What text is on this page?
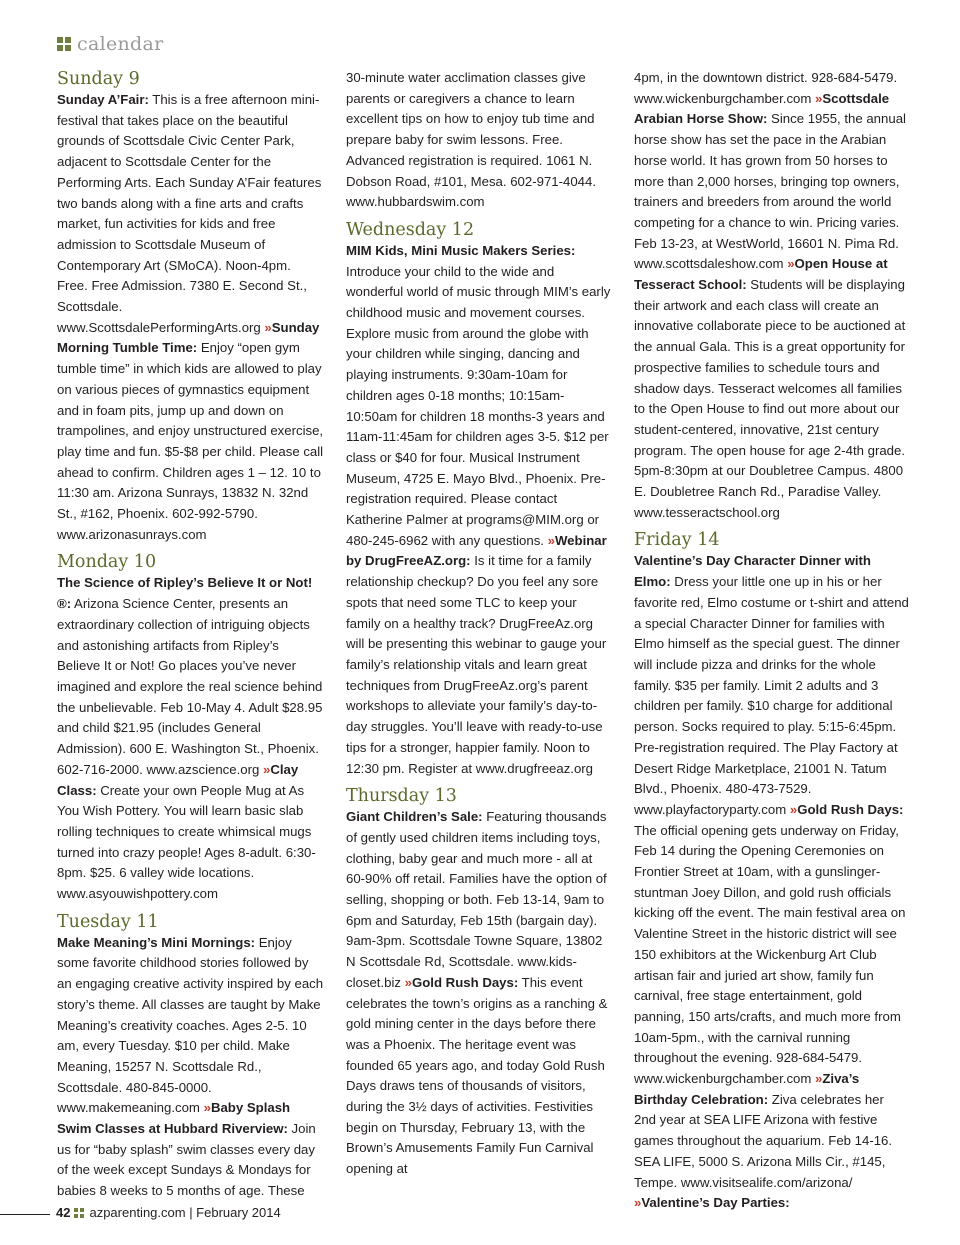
calendar
Sunday 9

Sunday A’Fair: This is a free afternoon mini-festival that takes place on the beautiful grounds of Scottsdale Civic Center Park, adjacent to Scottsdale Center for the Performing Arts. Each Sunday A’Fair features two bands along with a fine arts and crafts market, fun activities for kids and free admission to Scottsdale Museum of Contemporary Art (SMoCA). Noon-4pm. Free. Free Admission. 7380 E. Second St., Scottsdale. www.ScottsdalePerformingArts.org »Sunday Morning Tumble Time: Enjoy “open gym tumble time” in which kids are allowed to play on various pieces of gymnastics equipment and in foam pits, jump up and down on trampolines, and enjoy unstructured exercise, play time and fun. $5-$8 per child. Please call ahead to confirm. Children ages 1 – 12. 10 to 11:30 am. Arizona Sunrays, 13832 N. 32nd St., #162, Phoenix. 602-992-5790. www.arizonasunrays.com

Monday 10

The Science of Ripley’s Believe It or Not!®: Arizona Science Center, presents an extraordinary collection of intriguing objects and astonishing artifacts from Ripley’s Believe It or Not! Go places you’ve never imagined and explore the real science behind the unbelievable. Feb 10-May 4. Adult $28.95 and child $21.95 (includes General Admission). 600 E. Washington St., Phoenix. 602-716-2000. www.azscience.org »Clay Class: Create your own People Mug at As You Wish Pottery. You will learn basic slab rolling techniques to create whimsical mugs turned into crazy people! Ages 8-adult. 6:30- 8pm. $25. 6 valley wide locations. www.asyouwishpottery.com

Tuesday 11

Make Meaning’s Mini Mornings: Enjoy some favorite childhood stories followed by an engaging creative activity inspired by each story’s theme. All classes are taught by Make Meaning’s creativity coaches. Ages 2-5. 10 am, every Tuesday. $10 per child. Make Meaning, 15257 N. Scottsdale Rd., Scottsdale. 480-845-0000. www.makemeaning.com »Baby Splash Swim Classes at Hubbard Riverview: Join us for “baby splash” swim classes every day of the week except Sundays & Mondays for babies 8 weeks to 5 months of age. These

30-minute water acclimation classes give parents or caregivers a chance to learn excellent tips on how to enjoy tub time and prepare baby for swim lessons. Free. Advanced registration is required. 1061 N. Dobson Road, #101, Mesa. 602-971-4044. www.hubbardswim.com

Wednesday 12

MIM Kids, Mini Music Makers Series: Introduce your child to the wide and wonderful world of music through MIM’s early childhood music and movement courses. Explore music from around the globe with your children while singing, dancing and playing instruments. 9:30am-10am for children ages 0-18 months; 10:15am-10:50am for children 18 months-3 years and 11am-11:45am for children ages 3-5. $12 per class or $40 for four. Musical Instrument Museum, 4725 E. Mayo Blvd., Phoenix. Pre-registration required. Please contact Katherine Palmer at programs@MIM.org or 480-245-6962 with any questions. »Webinar by DrugFreeAZ.org: Is it time for a family relationship checkup? Do you feel any sore spots that need some TLC to keep your family on a healthy track? DrugFreeAz.org will be presenting this webinar to gauge your family’s relationship vitals and learn great techniques from DrugFreeAz.org’s parent workshops to alleviate your family’s day-to-day struggles. You’ll leave with ready-to-use tips for a stronger, happier family. Noon to 12:30 pm. Register at www.drugfreeaz.org

Thursday 13

Giant Children’s Sale: Featuring thousands of gently used children items including toys, clothing, baby gear and much more - all at 60-90% off retail. Families have the option of selling, shopping or both. Feb 13-14, 9am to 6pm and Saturday, Feb 15th (bargain day). 9am-3pm. Scottsdale Towne Square, 13802 N Scottsdale Rd, Scottsdale. www.kids-closet.biz »Gold Rush Days: This event celebrates the town’s origins as a ranching & gold mining center in the days before there was a Phoenix. The heritage event was founded 65 years ago, and today Gold Rush Days draws tens of thousands of visitors, during the 3½ days of activities. Festivities begin on Thursday, February 13, with the Brown’s Amusements Family Fun Carnival opening at

4pm, in the downtown district. 928-684-5479. www.wickenburgchamber.com »Scottsdale Arabian Horse Show: Since 1955, the annual horse show has set the pace in the Arabian horse world. It has grown from 50 horses to more than 2,000 horses, bringing top owners, trainers and breeders from around the world competing for a chance to win. Pricing varies. Feb 13-23, at WestWorld, 16601 N. Pima Rd. www.scottsdaleshow.com »Open House at Tesseract School: Students will be displaying their artwork and each class will create an innovative collaborate piece to be auctioned at the annual Gala. This is a great opportunity for prospective families to schedule tours and shadow days. Tesseract welcomes all families to the Open House to find out more about our student-centered, innovative, 21st century program. The open house for age 2-4th grade. 5pm-8:30pm at our Doubletree Campus. 4800 E. Doubletree Ranch Rd., Paradise Valley. www.tesseractschool.org

Friday 14

Valentine’s Day Character Dinner with Elmo: Dress your little one up in his or her favorite red, Elmo costume or t-shirt and attend a special Character Dinner for families with Elmo himself as the special guest. The dinner will include pizza and drinks for the whole family. $35 per family. Limit 2 adults and 3 children per family. $10 charge for additional person. Socks required to play. 5:15-6:45pm. Pre-registration required. The Play Factory at Desert Ridge Marketplace, 21001 N. Tatum Blvd., Phoenix. 480-473-7529. www.playfactoryparty.com »Gold Rush Days: The official opening gets underway on Friday, Feb 14 during the Opening Ceremonies on Frontier Street at 10am, with a gunslinger-stuntman Joey Dillon, and gold rush officials kicking off the event. The main festival area on Valentine Street in the historic district will see 150 exhibitors at the Wickenburg Art Club artisan fair and juried art show, family fun carnival, free stage entertainment, gold panning, 150 arts/crafts, and much more from 10am-5pm., with the carnival running throughout the evening. 928-684-5479. www.wickenburgchamber.com »Ziva’s Birthday Celebration: Ziva celebrates her 2nd year at SEA LIFE Arizona with festive games throughout the aquarium. Feb 14-16. SEA LIFE, 5000 S. Arizona Mills Cir., #145, Tempe. www.visitsealife.com/arizona/ »Valentine’s Day Parties:

42 azparenting.com | February 2014
